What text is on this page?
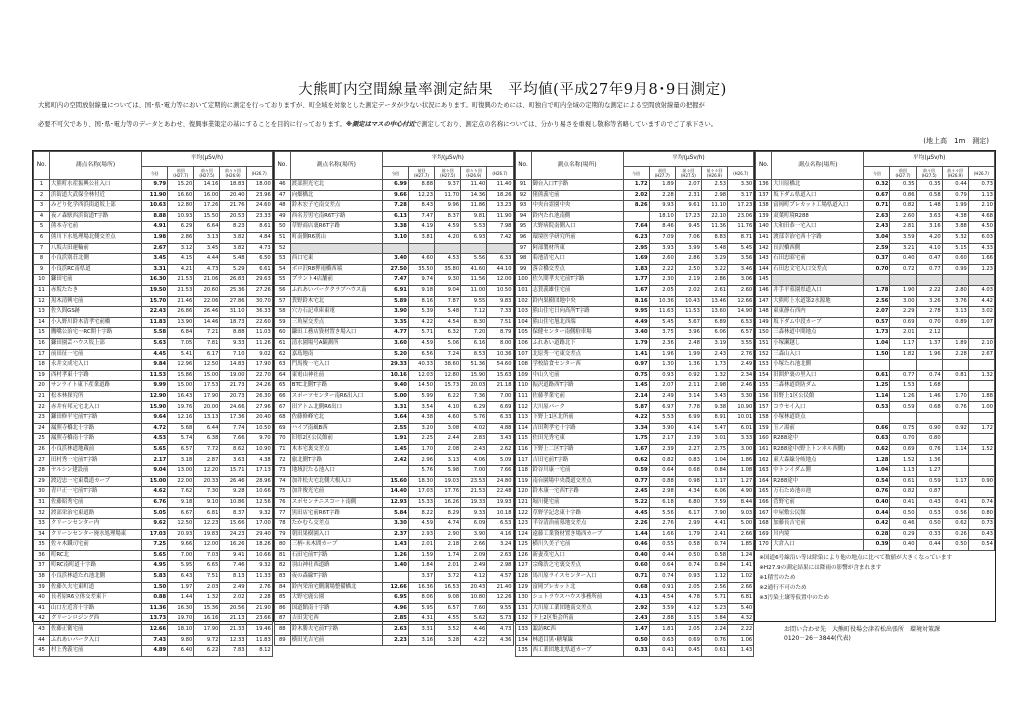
大熊町内空間線量率測定結果　平均値(平成27年9月8･9日測定)
大熊町内の空間放射線量については、国･県･電力等において定期的に測定を行っておりますが、町全域を対象とした測定データが少ない状況にあります。町復興のためには、町独自で町内全域の定期的な測定による空間放射線量の把握が
必要不可欠であり、国･県･電力等のデータとあわせ、復興事業策定の基にすることを目的に行っております。※測定はマスの中心付近で測定しており、測定点の名称については、分かり易さを重視し敬称等省略していますのでご了承下さい。
(地上高　1m　測定)
No.	測点名称(場所)	平均(μSv/h)				
		今回	前回 (H27.7)	前々回 (H27.5)	前々々回 (H26.9)	(H26.7)
1	大熊町水産振興公社入口	9.79	15.20	14.16	18.83	18.00
2	浜街道大武保全林付近	11.90	16.60	16.00	20.40	23.96
3	みどり化学西浜街道坂上部	10.63	12.80	17.26	21.76	24.60
4	夜ノ森駅西浜街道T字路	8.88	10.93	15.50	20.53	23.33
5	熊本寺宅前	4.91	6.29	6.64	8.23	8.61
6	熊川下水処理場北側交差点	1.98	2.86	3.13	3.82	4.84
7	八坂古田運輸前	2.67	3.12	3.45	3.82	4.73
8	小良浜別荘北側	3.45	4.15	4.44	5.48	6.50
9	小良浜RC南県道	3.31	4.21	4.73	5.29	6.61
10	鎌田宅前	16.30	21.53	21.06	26.83	29.63
11	赤坂たたき	19.50	21.53	20.60	25.36	27.26
12	黒木清興宅前	15.70	21.46	22.06	27.86	30.70
13	佐久間GS跡	22.43	26.86	26.46	31.10	36.33
14	小入野川鈴木清孝宅前橋	11.83	13.90	14.46	18.73	22.60
15	鷹嘴公治宅〜RC開十字路	5.58	6.84	7.21	8.88	11.03
16	鎌田園芸ハウス坂上部	5.63	7.05	7.81	9.33	11.26
17	前田征一宅前	4.45	5.41	6.17	7.10	9.02
18	永井文成宅入口	9.84	12.96	12.50	14.83	17.90
19	西村孝東十字路	11.53	15.86	15.00	19.00	22.70
20	サンライト東下産業道路	9.99	15.00	17.53	21.73	24.26
21	松本林探究所	12.90	16.43	17.90	20.73	26.30
22	赤井有邦元宅北入口	15.90	19.76	20.00	24.66	27.96
23	鎌田修平宅前T字路	9.64	12.16	13.13	17.36	20.40
24	漏照寺橋北十字路	4.72	5.68	6.44	7.74	10.50
25	漏照寺橋南十字路	4.53	5.74	6.38	7.66	9.70
26	小良浜林道地蔵前	5.65	6.57	7.72	8.62	10.90
27	田村秀一宅前T字路	2.17	3.18	2.87	3.63	4.38
28	ヤルシン建設前	9.04	13.00	12.20	15.71	17.13
29	渡辺忠一宅東農道カーブ	15.00	22.00	20.33	26.46	28.96
30	青戸正一宅前T字路	4.62	7.62	7.30	9.28	10.66
31	佐藤昭秀宅前	6.76	9.18	9.10	10.86	12.56
32	渡部栄治宅東道路	5.05	6.67	6.81	8.37	9.32
33	クリーンセンター内	9.62	12.50	12.23	15.66	17.00
34	クリーンセンター廃水処理場東	17.03	20.93	19.83	24.23	29.40
35	佐々木鐵司宅前	7.25	9.66	12.00	16.26	18.26
36	町RC北	5.65	7.00	7.03	9.41	10.66
37	町RC南町道十字路	4.95	5.95	6.65	7.46	9.32
38	小良浜林道たれ池北側	5.83	6.43	7.51	8.13	11.33
39	佐藤久夫宅東町道	1.50	1.97	2.03	2.49	2.76
40	長者原R6立体交差東下	0.88	1.44	1.32	2.02	2.28
41	山口左近宮十字路	11.36	16.30	15.36	20.56	21.90
42	グリーンロジング西	13.73	19.70	16.16	21.13	23.66
43	佐藤正衛宅前	12.66	18.10	17.90	21.33	19.46
44	ふれあいパーク入口	7.43	9.80	9.72	12.33	11.83
45	村上秀義宅前	4.89	6.40	6.22	7.83	8.12
No.	測点名称(場所)	平均(μSv/h)				
		今回	前回 (H27.7)	前々回 (H27.5)	前々々回 (H26.9)	(H26.7)
46	渡部照光宅北	6.99	8.88	9.37	11.40	11.40
47	向畑橋北	9.66	12.23	11.70	14.36	18.26
48	鈴木宏子宅南交差点	7.28	8.43	9.96	11.86	13.23
49	西名芳男宅南R6T字路	6.13	7.47	8.37	9.81	11.90
50	草野商店裏R6T字路	3.38	4.19	4.59	5.53	7.98
51	町南側R6割山	3.10	3.81	4.20	6.93	7.42
52						
53	西口宅東	3.40	4.60	4.53	5.56	6.33
54	ボロ沢R8押雨橋西端	27.50	35.50	35.80	41.60	44.10
55	プラント4店舗前	7.47	9.74	9.30	11.56	12.00
56	ふれあいパーククラブハウス南	6.91	9.18	9.04	11.00	10.50
57	貨野鈴木宅北	5.89	8.16	7.87	9.55	9.83
58	穴方石記車庫東電	3.90	5.39	5.48	7.12	7.33
59	三角屋交差点	3.35	4.22	4.54	8.30	7.51
60	鎌田工務店資材置き場入口	4.77	5.71	6.32	7.20	8.79
61	清水園場号A観測所	3.60	4.59	5.06	6.16	8.00
62	嘉島地南	5.20	6.56	7.24	8.53	10.36
63	門馬俊一宅入口	29.33	40.33	38.60	51.36	54.60
64	東電山神社前	10.16	12.03	12.80	15.90	15.63
65	BTC北側T字路	9.40	14.50	15.73	20.03	21.18
66	スポーツセンター南R6出入口	5.00	5.99	6.22	7.36	7.00
67	田アトム北側R6出口	3.31	3.54	4.10	6.29	6.69
68	佐藤修峰宅北	3.64	4.38	4.60	5.76	6.33
69	ハイブ南風B西	2.55	3.20	3.08	4.02	4.88
70	旧県2区公民館前	1.91	2.25	2.44	2.83	3.43
71	木本宅裏交差点	1.45	1.70	2.08	2.43	2.62
72	旅北側T字路	2.42	2.96	3.13	4.06	5.09
73	地域沢たる池入口		5.76	5.98	7.00	7.66
74	加井松夫宅北側大根入口	15.60	18.30	19.03	23.53	24.80
75	加井俊光宅前	14.40	17.03	17.76	21.53	22.48
76	スポセンテニスコート南側	12.93	15.33	16.26	19.33	19.93
77	黒田店宅前R6T字路	5.84	8.22	8.29	9.33	10.18
78	たかむら交差点	3.30	4.59	4.74	6.09	6.53
79	朝田果樹園入口	2.37	2.93	2.90	3.90	4.16
80	三柄･未木間カーブ	1.43	2.01	2.18	2.66	3.24
81	石田宅前T字路	1.26	1.59	1.74	2.09	2.63
82	羽山神社西道路	1.40	1.84	2.01	2.49	2.98
83	夜の森線T字路		3.37	3.72	4.12	4.57
84	鈴内栄治宅側溝場整備橋北	12.66	16.36	16.53	20.43	21.40
85	大野宅鹿公園	6.95	8.06	9.08	10.80	12.26
86	国道館南十字路	4.96	5.95	6.57	7.60	9.55
87	吉田実宅西	2.85	4.31	4.55	5.62	5.73
88	鈴木勝夫宅前T字路	2.63	3.31	3.52	4.46	4.73
89	横田光吉宅前	2.23	3.16	3.28	4.22	4.36
No.	測点名称(場所)	平均(μSv/h)				
		今回	前回 (H27.7)	前々回 (H27.5)	前々々回 (H26.9)	(H26.7)
91	御台入口T字路	1.72	1.89	2.07	2.53	3.30
92	猪熊義宅前	2.02	2.28	2.31	2.98	3.17
93	中央台霊園中央	8.26	9.93	9.61	11.10	17.23
94	鈴内たれ池南側		18.10	17.23	22.10	23.06
95	大野病院南側入口	7.64	8.46	9.45	11.36	11.76
96	環境医学研究所前	6.23	7.09	7.06	8.83	8.71
97	阿部製材所東	2.95	3.93	3.99	5.48	5.45
98	菊池清宅入口	1.69	2.60	2.86	3.29	3.56
99	落合橋交差点	1.83	2.22	2.50	3.22	3.46
100	佐久間孝夫宅前T字路	1.77	2.30	2.19	2.86	3.06
101	志賀義雄住宅前	1.67	2.05	2.02	2.61	2.60
102	鈴内果樹団地中央	8.16	10.36	10.43	13.46	12.66
103	熊山住宅日向高所T字路	9.95	11.63	11.53	13.60	14.90
104	熊山住宅旭北西端	4.49	5.45	5.67	6.89	6.53
105	保健センター南側駐車場	3.40	3.75	3.96	6.06	6.57
106	ふれあい道路北下	1.79	2.36	2.48	3.19	3.55
107	北原秀一宅東交差点	1.41	1.96	1.99	2.43	2.76
108	学校給食センター西	0.97	1.30	1.36	1.73	2.49
109	中山久宅前	0.75	0.93	0.92	1.32	2.34
110	振沢道路西T字路	1.45	2.07	2.11	2.98	2.46
111	佐藤孝業宅前	2.14	2.49	3.14	3.43	3.30
112	大川原パーク	5.87	6.97	7.78	9.38	10.90
113	下野上1区北所前	4.22	5.53	6.99	8.91	10.01
114	吉田利孝宅十字路	3.34	3.90	4.14	5.47	6.01
115	佐田光秀宅東	1.75	2.17	2.39	3.01	3.33
116	下野上二区T字路	1.67	2.39	2.27	2.75	3.00
117	吉田宅前T字路	0.62	0.82	0.83	1.04	1.86
118	鈴谷川康一宅前	0.59	0.64	0.68	0.84	1.08
119	南台園場中央農道交差点	0.77	0.88	0.98	1.17	1.27
120	鈴木康一宅西T字路	2.45	2.98	4.34	6.06	4.90
121	堀川健宅前	5.22	6.18	6.80	7.59	8.44
122	草野学記念東十字路	4.45	5.56	6.17	7.90	9.03
123	半谷清治前墓地交差点	2.26	2.76	2.99	4.41	5.00
124	遠藤工業資材置き場西カーブ	1.44	1.66	1.79	2.41	2.66
125	横川久美子宅前	0.46	0.55	0.58	0.74	1.85
126	新妻茂宅入口	0.40	0.44	0.50	0.58	1.24
127	宗像浩之宅裏交差点	0.60	0.64	0.74	0.84	1.41
128	馬川原ライスセンター入口	0.71	0.74	0.93	1.12	1.02
129	富岡ブレカット北	0.68	0.91	2.05	2.56	2.66
130	シュトラウスハウス事務所前	4.13	4.54	4.78	5.71	6.81
131	大川原工業団地南交差点	2.92	3.59	4.12	5.23	5.40
132	下上2区集会所南	2.43	2.88	3.15	3.84	4.32
133	諏訪RC西	1.47	1.81	2.05	2.24	2.22
134	林道目黒･糖塚線	0.50	0.63	0.69	0.76	1.06
135	西工業団地北県道カーブ	0.33	0.41	0.45	0.61	1.43
No.	測点名称(場所)	平均(μSv/h)				
		今回	前回 (H27.7)	前々回 (H27.5)	前々々回 (H26.9)	(H26.7)
136	大川原橋北	0.32	0.35	0.35	0.44	0.73
137	坂下ダム県道入口	0.67	0.86	0.58	0.79	1.13
138	富岡町プレカット工場県道入口	0.71	0.82	1.48	1.99	2.10
139	双葉町境R288	2.63	2.60	3.63	4.38	4.68
140	大和田恭一宅入口	2.43	2.81	3.16	3.88	4.50
141	渡部幸治宅西十字路	3.04	3.59	4.20	5.32	6.03
142	長沢橋西側	2.59	3.21	4.10	5.15	4.33
143	石田忠昭宅前	0.37	0.40	0.47	0.60	1.66
144	石田忠文宅入口交差点	0.70	0.72	0.77	0.99	1.23
145						
146	井手平墓園県道入口	1.78	1.90	2.22	2.80	4.03
147	大熊町上水道第2水源地	2.56	3.00	3.26	3.76	4.42
148	東東静石西内	2.07	2.29	2.78	3.13	3.02
149	坂下ダム中段カーブ	0.57	0.69	0.70	0.89	1.07
150	三森林道中間地点	1.73	2.01	2.12		
151	小塚瀬越し	1.04	1.17	1.37	1.89	2.10
152	三森山入口	1.50	1.82	1.96	2.28	2.67
153	小塚たれ池北側					
154	旧囲炉裏の里入口	0.61	0.77	0.74	0.81	1.32
155	三森林道終防ダム	1.25	1.53	1.68		
156	旧野上1区公民館	1.14	1.26	1.46	1.70	1.88
157	コウセイ入口	0.53	0.59	0.68	0.76	1.00
158	小塚林道終点					
159	玉ノ湯前	0.66	0.75	0.90	0.92	1.72
160	R288途中	0.63	0.70	0.80		
161	R288途中(野上トンネル西側)	0.62	0.69	0.76	1.14	1.52
162	東大森線分岐地点	1.28	1.52	1.36		
163	中トンイダム側	1.04	1.13	1.27		
164	R288途中	0.54	0.61	0.59	1.17	0.90
165	万石ため池の池	0.76	0.82	0.87		
166	菅野宅前	0.40	0.41	0.43	0.41	0.74
167	中屋敷公民館	0.44	0.50	0.53	0.56	0.80
168	加藤長吉宅前	0.42	0.46	0.50	0.62	0.73
169	川内境	0.28	0.29	0.33	0.26	0.43
170	大倉入口	0.39	0.40	0.44	0.50	0.54
※国道6号線沿い等は除染により他の地点に比べて数値が大きくなっています
※H27.9の測定結果には降雨の影響が含まれます
※1積雪のため
※2通行不可のため
※3汚染土壌等仮置中のため
お問い合わせ先　大熊町役場会津若松出張所　環境対策課
0120－26－3844(代表)
